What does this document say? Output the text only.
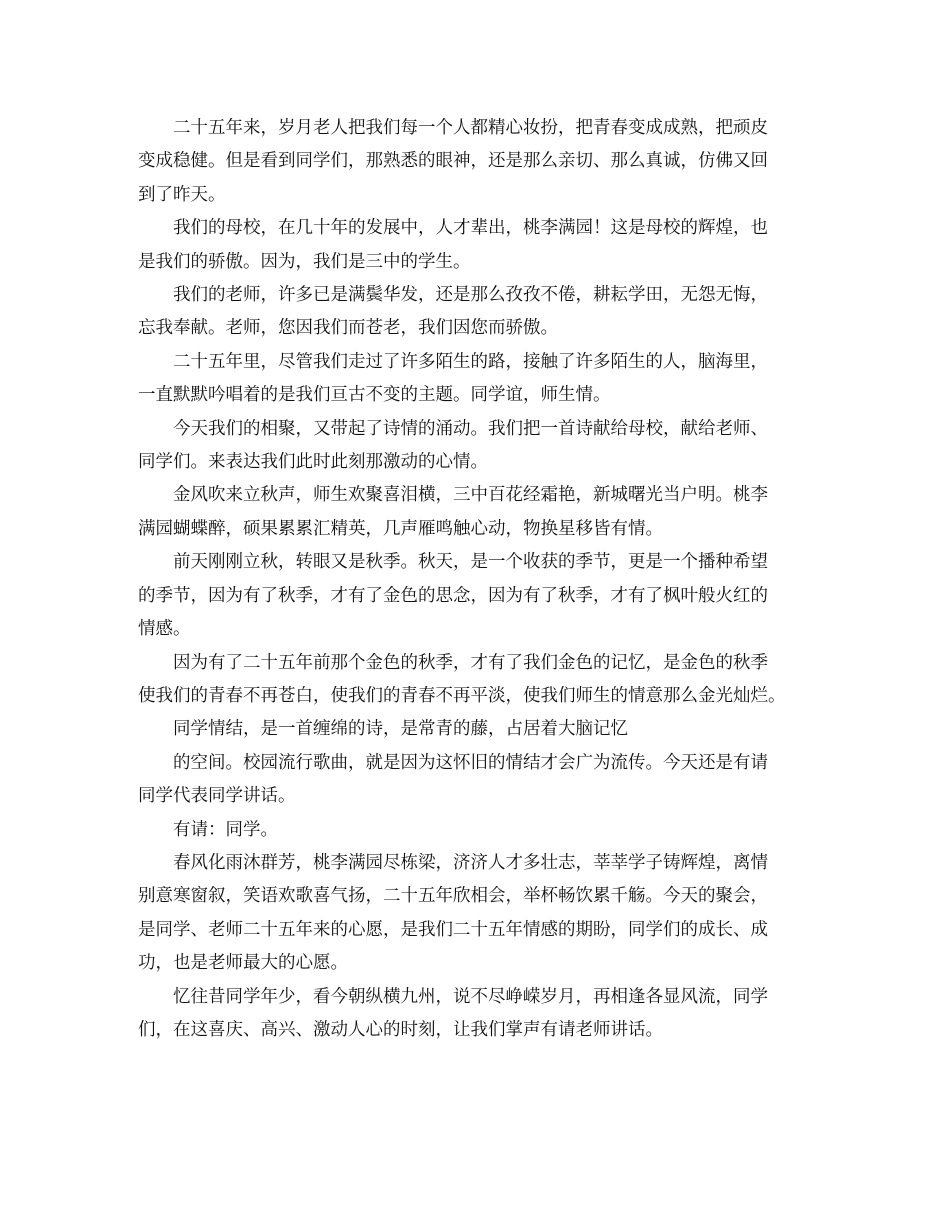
二十五年来，岁月老人把我们每一个人都精心妆扮，把青春变成成熟，把顽皮
变成稳健。但是看到同学们，那熟悉的眼神，还是那么亲切、那么真诚，仿佛又回
到了昨天。

我们的母校，在几十年的发展中，人才辈出，桃李满园！这是母校的辉煌，也
是我们的骄傲。因为，我们是三中的学生。

我们的老师，许多已是满鬓华发，还是那么孜孜不倦，耕耘学田，无怨无悔，
忘我奉献。老师，您因我们而苍老，我们因您而骄傲。

二十五年里，尽管我们走过了许多陌生的路，接触了许多陌生的人，脑海里，
一直默默吟唱着的是我们亘古不变的主题。同学谊，师生情。

今天我们的相聚，又带起了诗情的涌动。我们把一首诗献给母校，献给老师、
同学们。来表达我们此时此刻那激动的心情。

金风吹来立秋声，师生欢聚喜泪横，三中百花经霜艳，新城曙光当户明。桃李
满园蝴蝶醉，硕果累累汇精英，几声雁鸣触心动，物换星移皆有情。

前天刚刚立秋，转眼又是秋季。秋天，是一个收获的季节，更是一个播种希望
的季节，因为有了秋季，才有了金色的思念，因为有了秋季，才有了枫叶般火红的
情感。

因为有了二十五年前那个金色的秋季，才有了我们金色的记忆，是金色的秋季
使我们的青春不再苍白，使我们的青春不再平淡，使我们师生的情意那么金光灿烂。

同学情结，是一首缠绵的诗，是常青的藤，占居着大脑记忆

的空间。校园流行歌曲，就是因为这怀旧的情结才会广为流传。今天还是有请
同学代表同学讲话。

有请：同学。

春风化雨沐群芳，桃李满园尽栋梁，济济人才多壮志，莘莘学子铸辉煌，离情
别意寒窗叙，笑语欢歌喜气扬，二十五年欣相会，举杯畅饮累千觞。今天的聚会，
是同学、老师二十五年来的心愿，是我们二十五年情感的期盼，同学们的成长、成
功，也是老师最大的心愿。

忆往昔同学年少，看今朝纵横九州，说不尽峥嵘岁月，再相逢各显风流，同学
们，在这喜庆、高兴、激动人心的时刻，让我们掌声有请老师讲话。
